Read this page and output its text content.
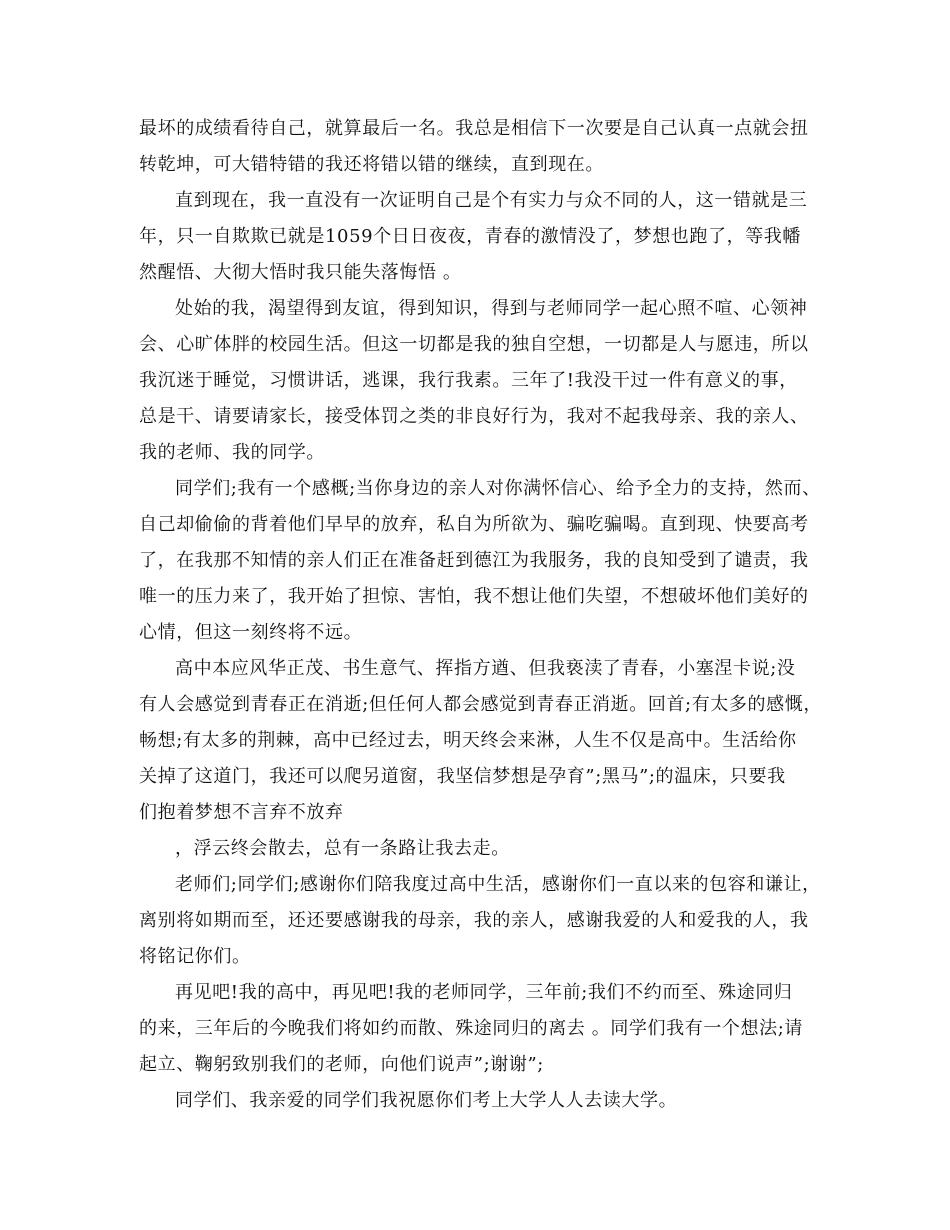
最坏的成绩看待自己，就算最后一名。我总是相信下一次要是自己认真一点就会扭
转乾坤，可大错特错的我还将错以错的继续，直到现在。
直到现在，我一直没有一次证明自己是个有实力与众不同的人，这一错就是三
年，只一自欺欺已就是1059个日日夜夜，青春的激情没了，梦想也跑了，等我幡
然醒悟、大彻大悟时我只能失落悔悟 。
处始的我，渴望得到友谊，得到知识，得到与老师同学一起心照不喧、心领神
会、心旷体胖的校园生活。但这一切都是我的独自空想，一切都是人与愿违，所以
我沉迷于睡觉，习惯讲话，逃课，我行我素。三年了!我没干过一件有意义的事，
总是干、请要请家长，接受体罚之类的非良好行为，我对不起我母亲、我的亲人、
我的老师、我的同学。
同学们;我有一个感概;当你身边的亲人对你满怀信心、给予全力的支持，然而、
自己却偷偷的背着他们早早的放弃，私自为所欲为、骗吃骗喝。直到现、快要高考
了，在我那不知情的亲人们正在准备赶到德江为我服务，我的良知受到了谴责，我
唯一的压力来了，我开始了担惊、害怕，我不想让他们失望，不想破坏他们美好的
心情，但这一刻终将不远。
高中本应风华正茂、书生意气、挥指方遒、但我亵渎了青春，小塞涅卡说;没
有人会感觉到青春正在消逝;但任何人都会感觉到青春正消逝。回首;有太多的感慨，
畅想;有太多的荆棘，高中已经过去，明天终会来淋，人生不仅是高中。生活给你
关掉了这道门，我还可以爬另道窗，我坚信梦想是孕育”;黑马”;的温床，只要我
们抱着梦想不言弃不放弃
，浮云终会散去，总有一条路让我去走。
老师们;同学们;感谢你们陪我度过高中生活，感谢你们一直以来的包容和谦让，
离别将如期而至，还还要感谢我的母亲，我的亲人，感谢我爱的人和爱我的人，我
将铭记你们。
再见吧!我的高中，再见吧!我的老师同学，三年前;我们不约而至、殊途同归
的来，三年后的今晚我们将如约而散、殊途同归的离去 。同学们我有一个想法;请
起立、鞠躬致别我们的老师，向他们说声”;谢谢”;
同学们、我亲爱的同学们我祝愿你们考上大学人人去读大学。
